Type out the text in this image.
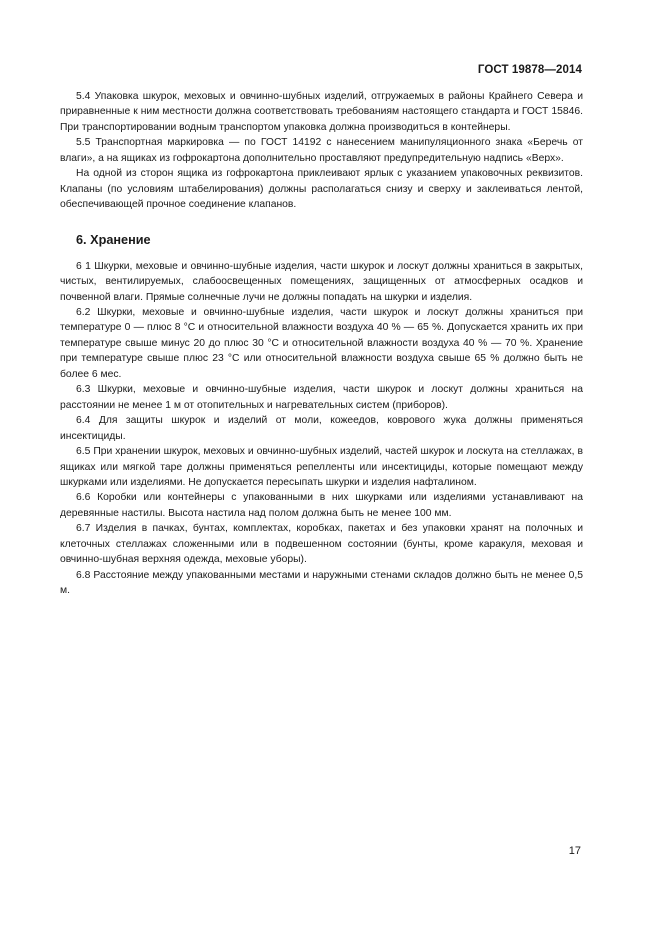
ГОСТ 19878—2014

5.4 Упаковка шкурок, меховых и овчинно-шубных изделий, отгружаемых в районы Крайнего Севера и приравненные к ним местности должна соответствовать требованиям настоящего стандарта и ГОСТ 15846. При транспортировании водным транспортом упаковка должна производиться в контейнеры.

5.5 Транспортная маркировка — по ГОСТ 14192 с нанесением манипуляционного знака «Беречь от влаги», а на ящиках из гофрокартона дополнительно проставляют предупредительную надпись «Верх».

На одной из сторон ящика из гофрокартона приклеивают ярлык с указанием упаковочных реквизитов. Клапаны (по условиям штабелирования) должны располагаться снизу и сверху и заклеиваться лентой, обеспечивающей прочное соединение клапанов.

6. Хранение

6 1 Шкурки, меховые и овчинно-шубные изделия, части шкурок и лоскут должны храниться в закрытых, чистых, вентилируемых, слабоосвещенных помещениях, защищенных от атмосферных осадков и почвенной влаги. Прямые солнечные лучи не должны попадать на шкурки и изделия.

6.2 Шкурки, меховые и овчинно-шубные изделия, части шкурок и лоскут должны храниться при температуре 0 — плюс 8 °С и относительной влажности воздуха 40 % — 65 %. Допускается хранить их при температуре свыше минус 20 до плюс 30 °С и относительной влажности воздуха 40 % — 70 %. Хранение при температуре свыше плюс 23 °С или относительной влажности воздуха свыше 65 % должно быть не более 6 мес.

6.3 Шкурки, меховые и овчинно-шубные изделия, части шкурок и лоскут должны храниться на расстоянии не менее 1 м от отопительных и нагревательных систем (приборов).

6.4 Для защиты шкурок и изделий от моли, кожеедов, коврового жука должны применяться инсектициды.

6.5 При хранении шкурок, меховых и овчинно-шубных изделий, частей шкурок и лоскута на стеллажах, в ящиках или мягкой таре должны применяться репелленты или инсектициды, которые помещают между шкурками или изделиями. Не допускается пересыпать шкурки и изделия нафталином.

6.6 Коробки или контейнеры с упакованными в них шкурками или изделиями устанавливают на деревянные настилы. Высота настила над полом должна быть не менее 100 мм.

6.7 Изделия в пачках, бунтах, комплектах, коробках, пакетах и без упаковки хранят на полочных и клеточных стеллажах сложенными или в подвешенном состоянии (бунты, кроме каракуля, меховая и овчинно-шубная верхняя одежда, меховые уборы).

6.8 Расстояние между упакованными местами и наружными стенами складов должно быть не менее 0,5 м.

17
